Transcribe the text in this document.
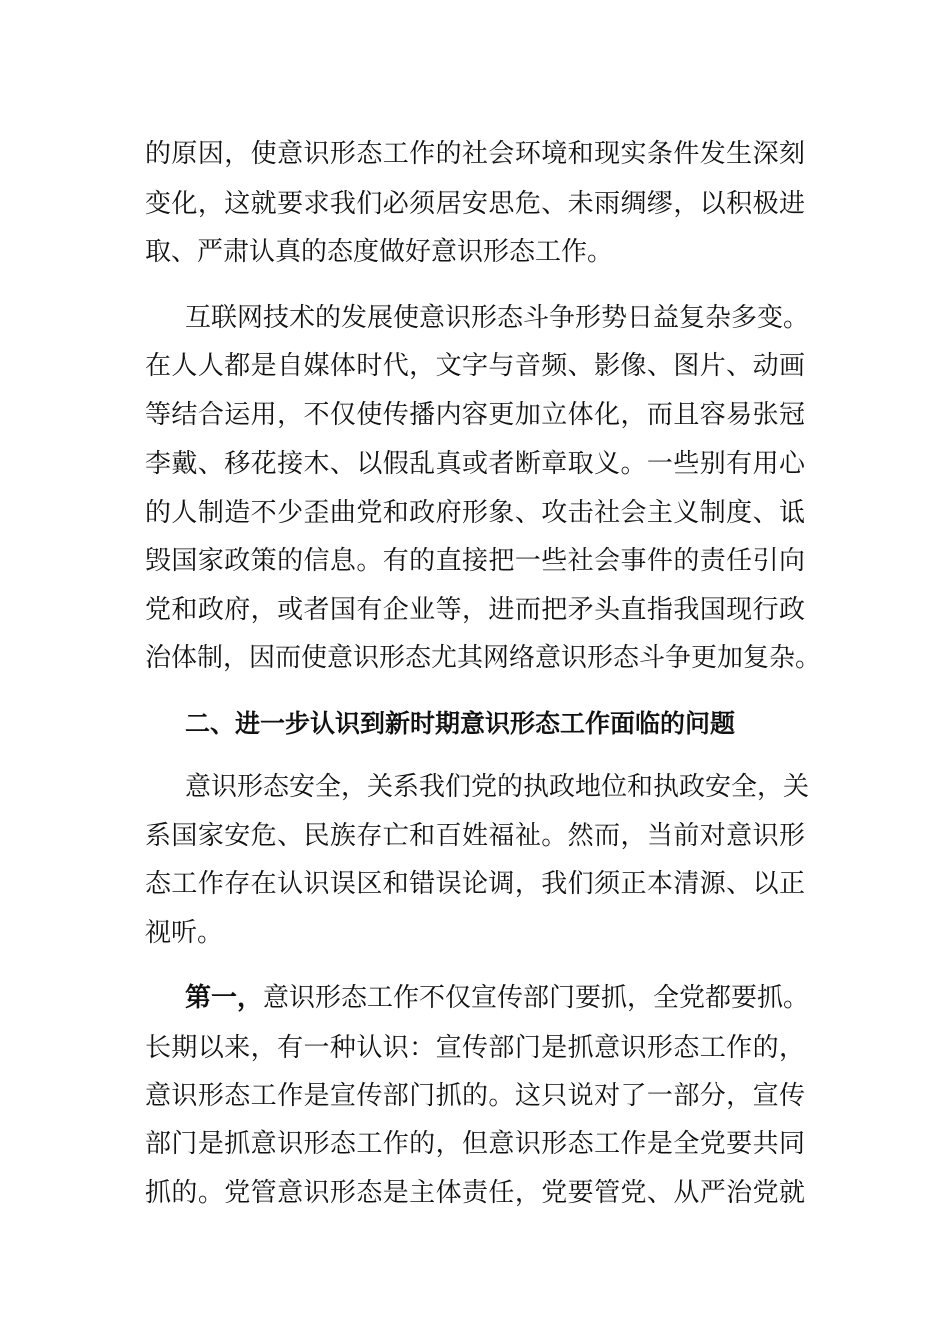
的原因，使意识形态工作的社会环境和现实条件发生深刻
变化，这就要求我们必须居安思危、未雨绸缪，以积极进
取、严肃认真的态度做好意识形态工作。
互联网技术的发展使意识形态斗争形势日益复杂多变。
在人人都是自媒体时代，文字与音频、影像、图片、动画
等结合运用，不仅使传播内容更加立体化，而且容易张冠
李戴、移花接木、以假乱真或者断章取义。一些别有用心
的人制造不少歪曲党和政府形象、攻击社会主义制度、诋
毁国家政策的信息。有的直接把一些社会事件的责任引向
党和政府，或者国有企业等，进而把矛头直指我国现行政
治体制，因而使意识形态尤其网络意识形态斗争更加复杂。
二、进一步认识到新时期意识形态工作面临的问题
意识形态安全，关系我们党的执政地位和执政安全，关
系国家安危、民族存亡和百姓福祉。然而，当前对意识形
态工作存在认识误区和错误论调，我们须正本清源、以正
视听。
第一，意识形态工作不仅宣传部门要抓，全党都要抓。
长期以来，有一种认识：宣传部门是抓意识形态工作的，
意识形态工作是宣传部门抓的。这只说对了一部分，宣传
部门是抓意识形态工作的，但意识形态工作是全党要共同
抓的。党管意识形态是主体责任，党要管党、从严治党就
